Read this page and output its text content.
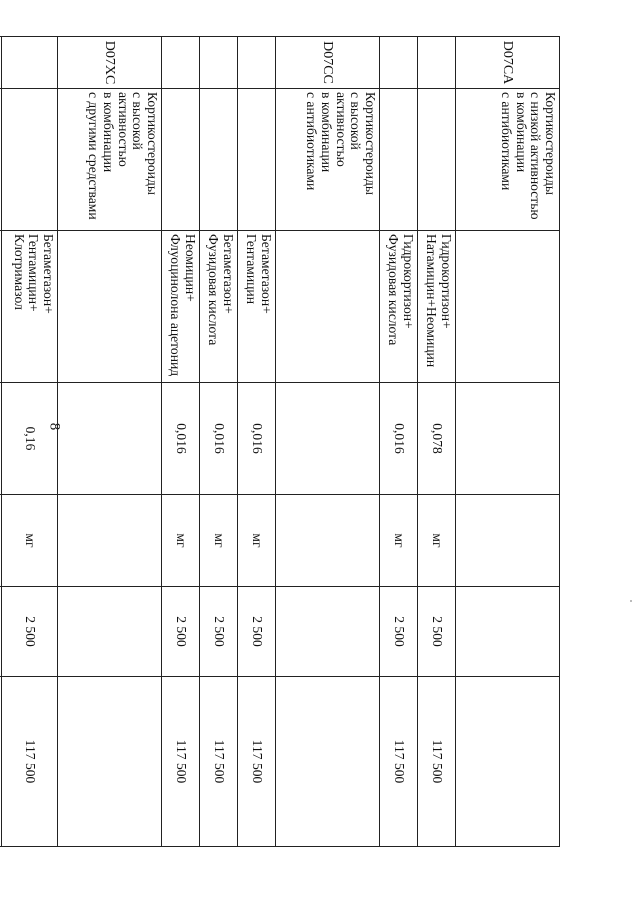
8
D07CA	Кортикостероиды
с низкой активностью
в комбинации
с антибиотиками					
		Гидрокортизон+
Натамицин+Неомицин	0,078	мг	2 500	117 500
		Гидрокортизон+
Фузидовая кислота	0,016	мг	2 500	117 500
D07CC	Кортикостероиды
с высокой активностью
в комбинации
с антибиотиками					
		Бетаметазон+
Гентамицин	0,016	мг	2 500	117 500
		Бетаметазон+
Фузидовая кислота	0,016	мг	2 500	117 500
		Неомицин+
Флуоцинолона ацетонид	0,016	мг	2 500	117 500
D07XC	Кортикостероиды
с высокой активностью
в комбинации
с другими средствами					
		Бетаметазон+
Гентамицин+
Клотримазол	0,16	мг	2 500	117 500
